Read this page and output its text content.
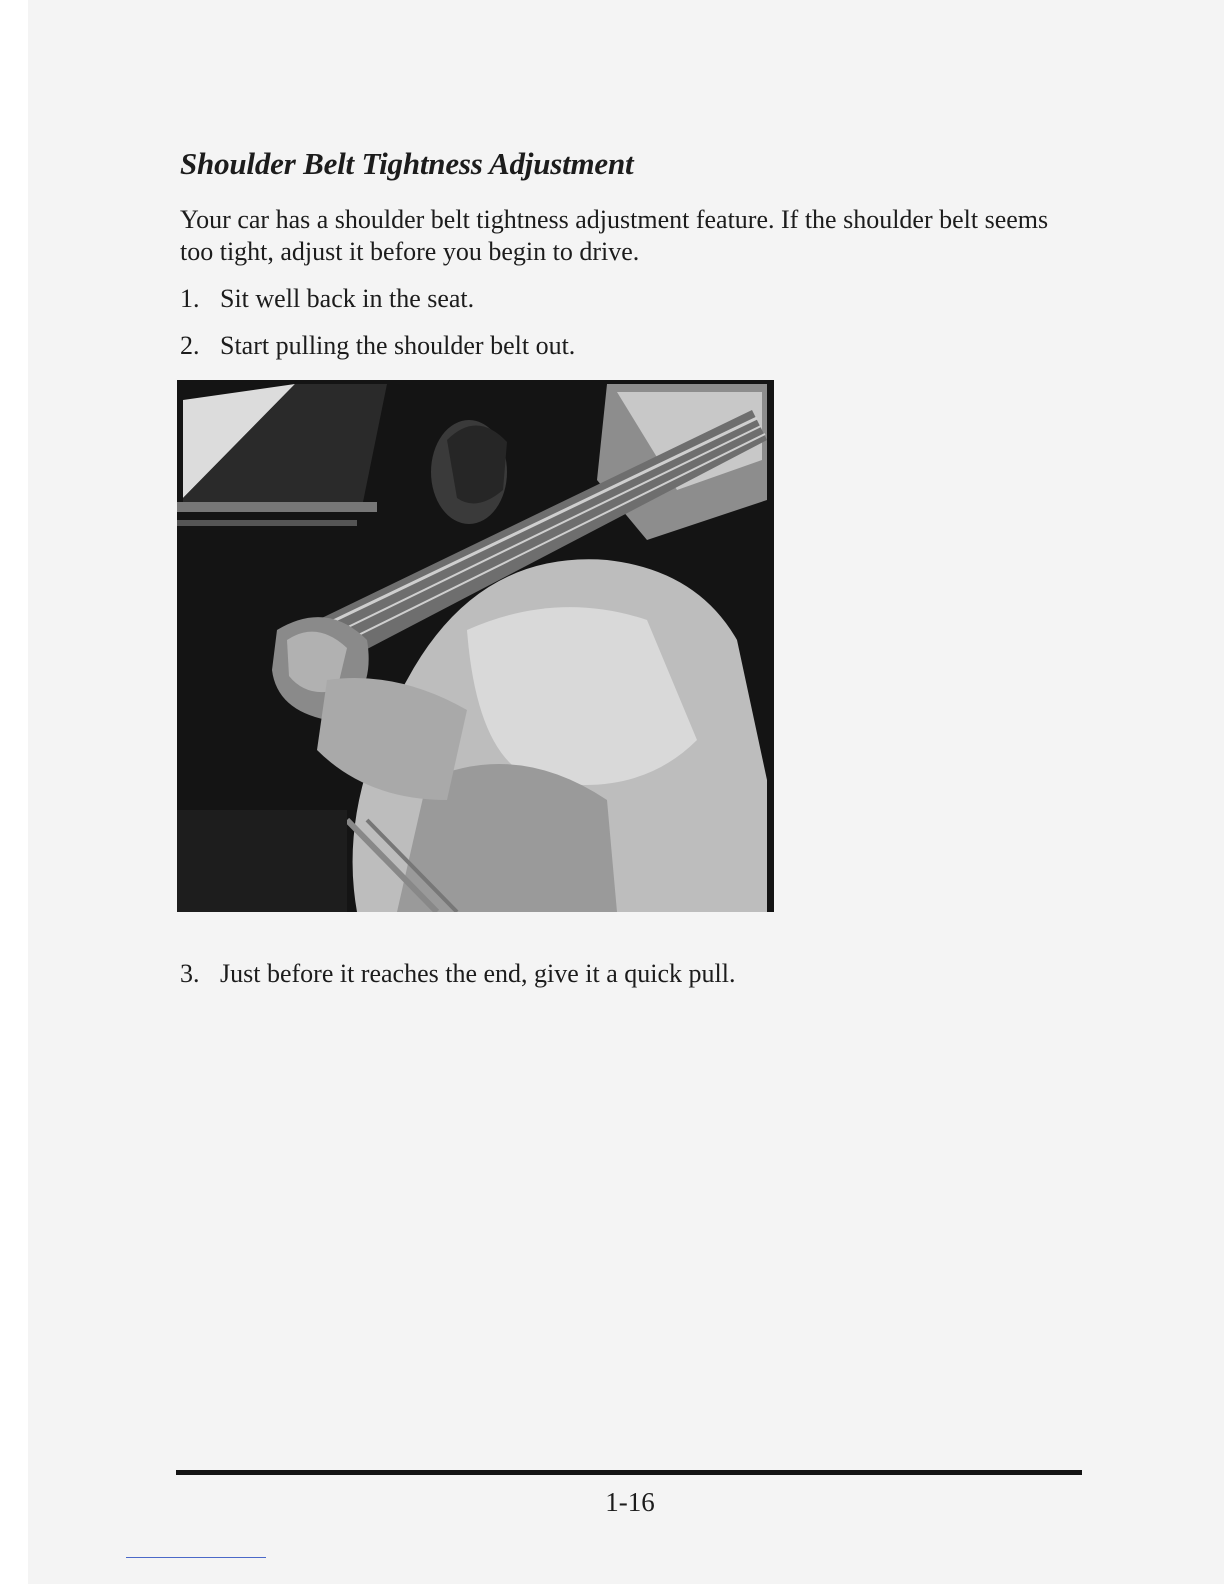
Shoulder Belt Tightness Adjustment

Your car has a shoulder belt tightness adjustment feature. If the shoulder belt seems too tight, adjust it before you begin to drive.

1. Sit well back in the seat.

2. Start pulling the shoulder belt out.

3. Just before it reaches the end, give it a quick pull.

1-16
